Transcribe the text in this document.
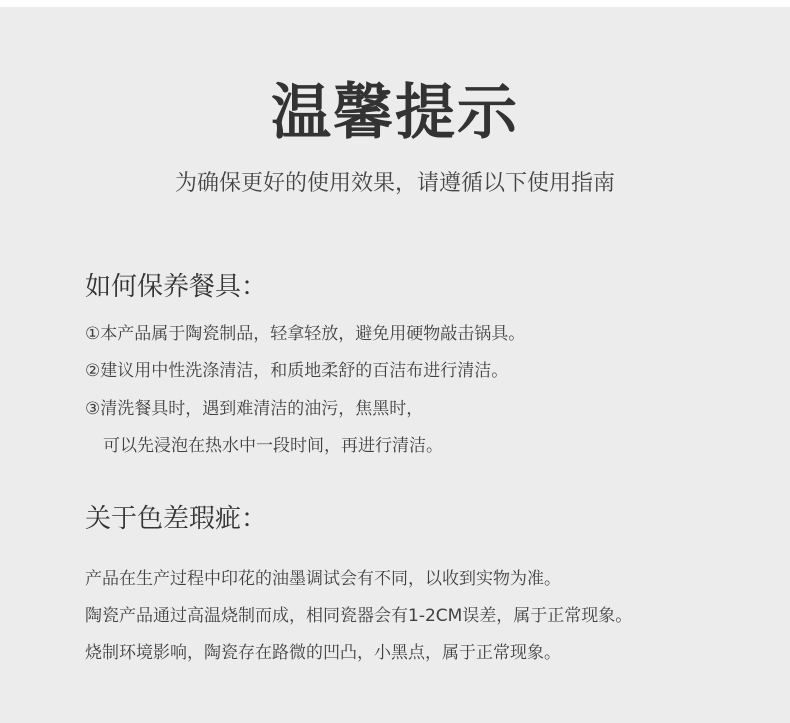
温馨提示
为确保更好的使用效果，请遵循以下使用指南
如何保养餐具：
①本产品属于陶瓷制品，轻拿轻放，避免用硬物敲击锅具。
②建议用中性洗涤清洁，和质地柔舒的百洁布进行清洁。
③清洗餐具时，遇到难清洁的油污，焦黑时，
可以先浸泡在热水中一段时间，再进行清洁。
关于色差瑕疵：
产品在生产过程中印花的油墨调试会有不同，以收到实物为准。
陶瓷产品通过高温烧制而成，相同瓷器会有1-2CM误差，属于正常现象。
烧制环境影响，陶瓷存在路微的凹凸，小黑点，属于正常现象。
